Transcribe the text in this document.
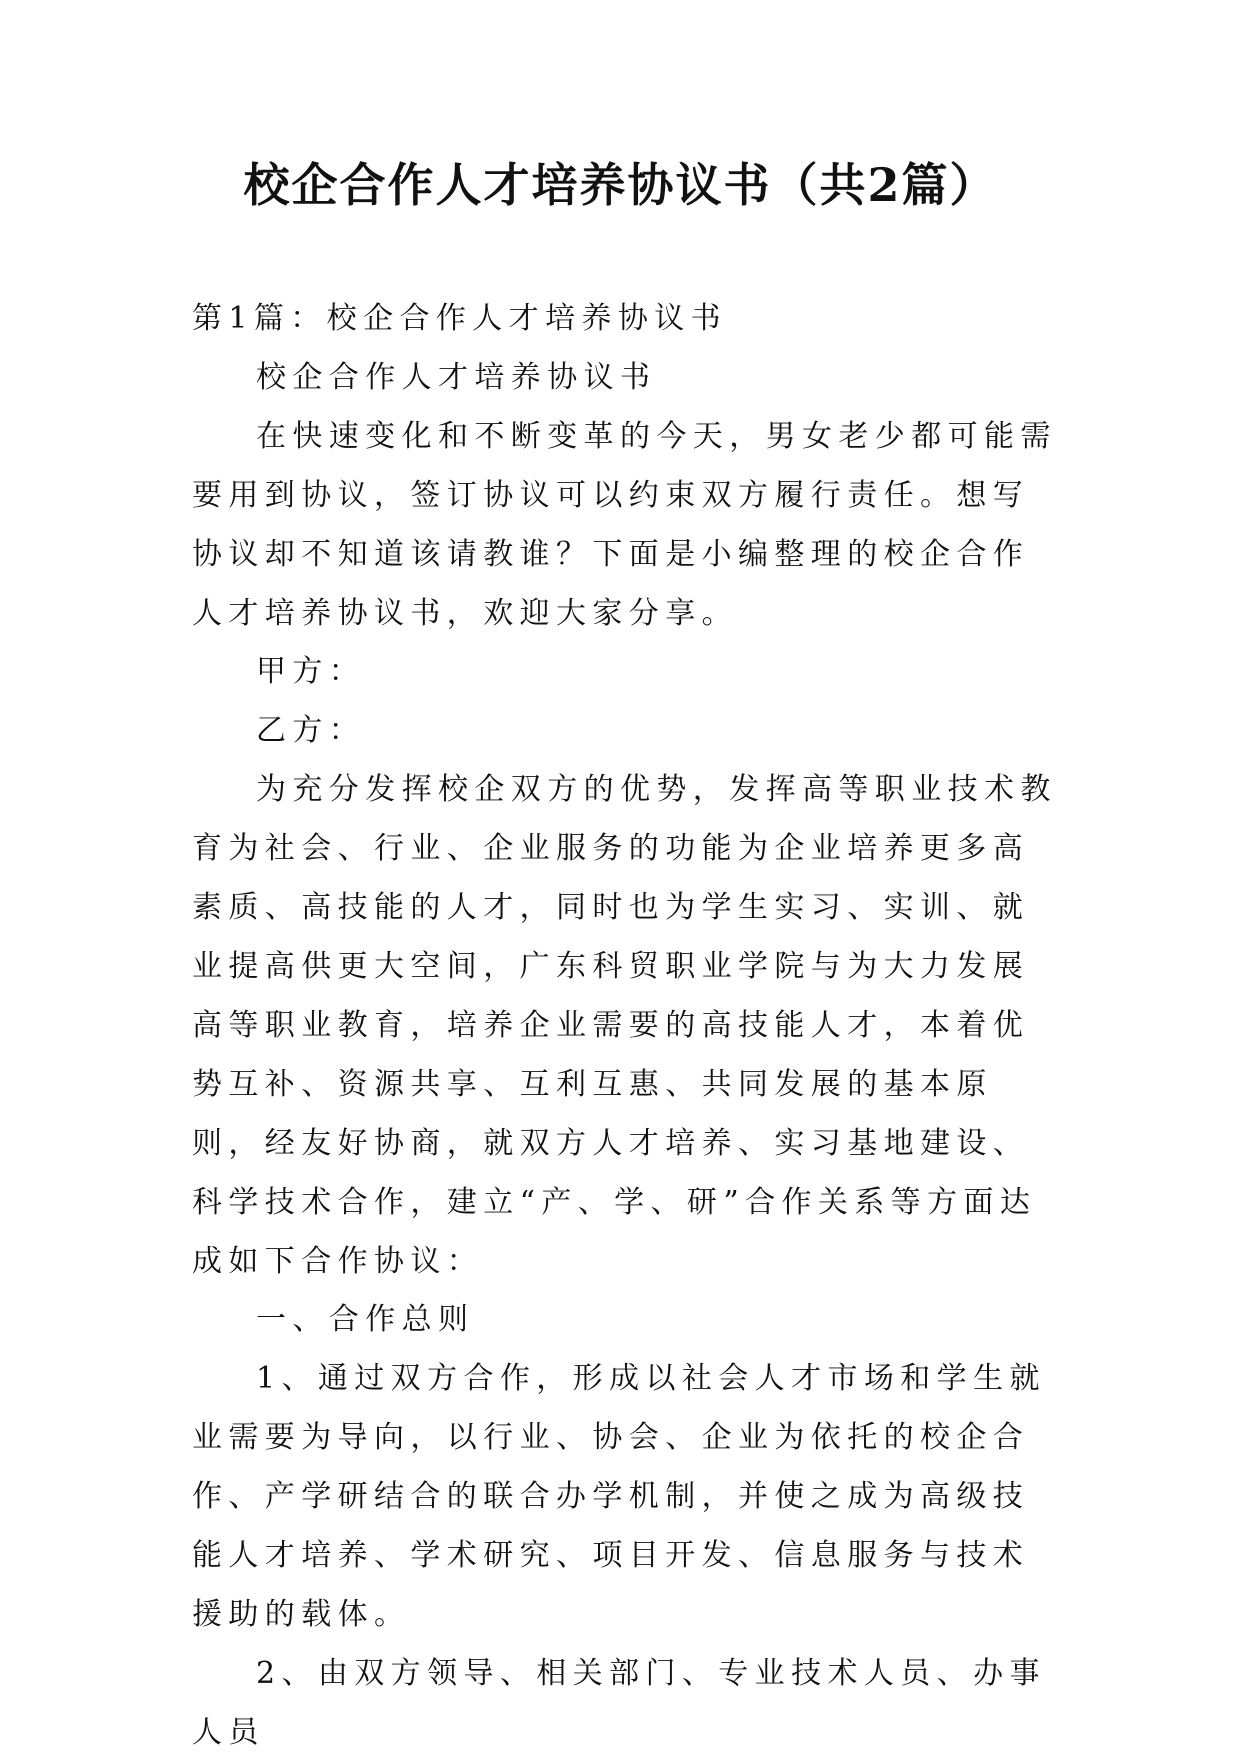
校企合作人才培养协议书（共2篇）

第1篇：校企合作人才培养协议书

校企合作人才培养协议书

在快速变化和不断变革的今天，男女老少都可能需要用到协议，签订协议可以约束双方履行责任。想写协议却不知道该请教谁？下面是小编整理的校企合作人才培养协议书，欢迎大家分享。

甲方：

乙方：

为充分发挥校企双方的优势，发挥高等职业技术教育为社会、行业、企业服务的功能为企业培养更多高素质、高技能的人才，同时也为学生实习、实训、就业提高供更大空间，广东科贸职业学院与为大力发展高等职业教育，培养企业需要的高技能人才，本着优势互补、资源共享、互利互惠、共同发展的基本原则，经友好协商，就双方人才培养、实习基地建设、科学技术合作，建立“产、学、研”合作关系等方面达成如下合作协议：

一、合作总则

1、通过双方合作，形成以社会人才市场和学生就业需要为导向，以行业、协会、企业为依托的校企合作、产学研结合的联合办学机制，并使之成为高级技能人才培养、学术研究、项目开发、信息服务与技术援助的载体。

2、由双方领导、相关部门、专业技术人员、办事人员
